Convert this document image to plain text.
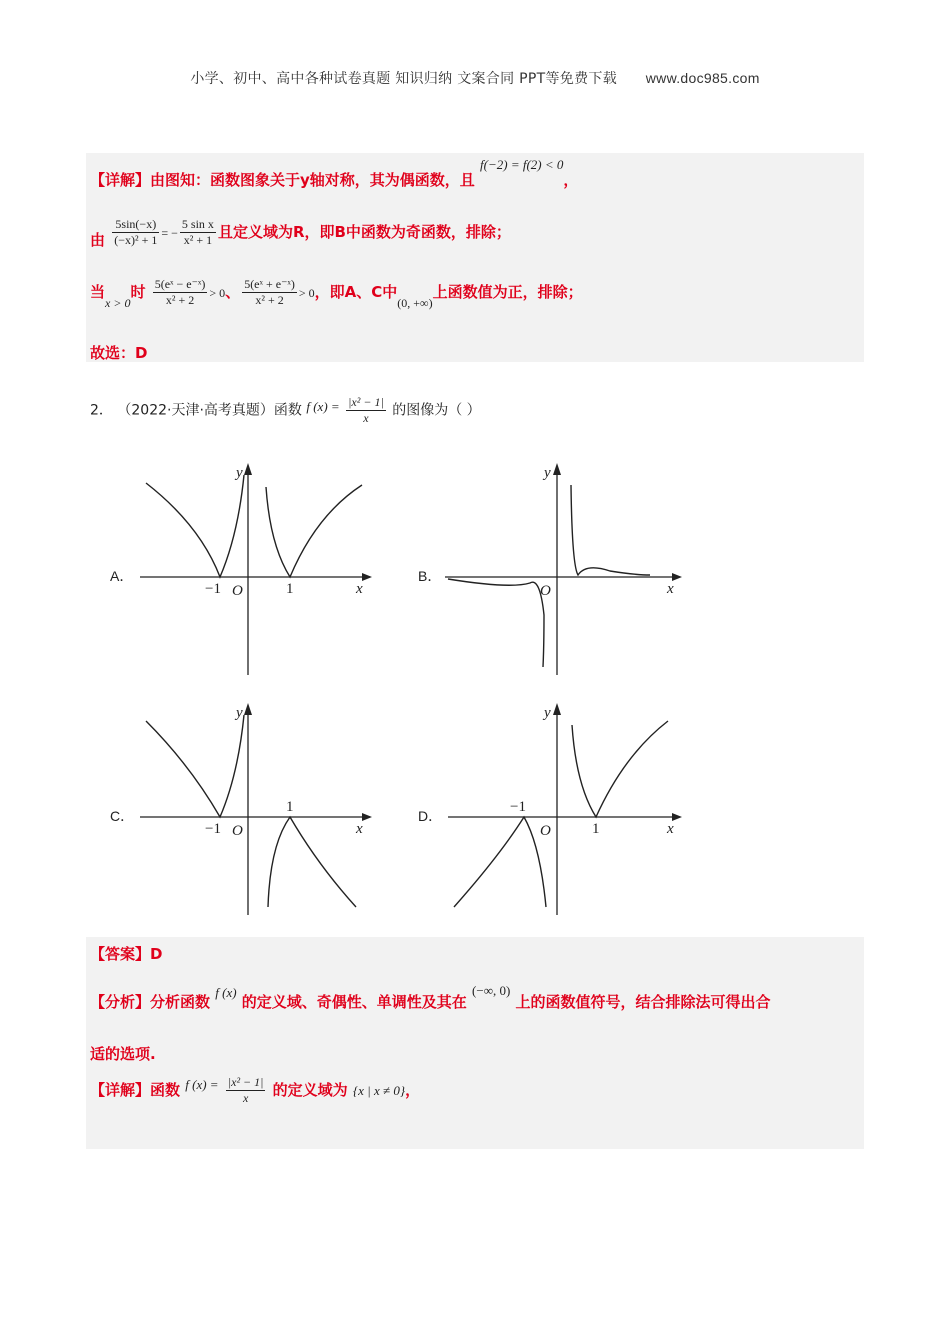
小学、初中、高中各种试卷真题 知识归纳 文案合同 PPT等免费下载 www.doc985.com
【详解】由图知：函数图象关于y轴对称，其为偶函数，且 f(−2) = f(2) < 0，
由 $\frac{5\sin(-x)}{\text{(−x)² + 1}}$ = − $\frac{\text{5 sin x}}{\text{x² + 1}}$ 且定义域为R，即B中函数为奇函数，排除；
当$_{x > 0}$时 $\frac{\text{5(eˣ − e⁻ˣ)}}{\text{x² + 2}} > 0$、 $\frac{\text{5(eˣ + e⁻ˣ)}}{\text{x² + 2}} > 0$，即A、C中$_{(0, +\infty)}$上函数值为正，排除；
故选：D
2． （2022·天津·高考真题）函数 f $(x) = \frac{\text{|x² − 1|}}{x}$ 的图像为（ ）
A．	B．
C．	D．
y
x
O
−1	1
y
x
O
y
x
O
−1
1
y
x
O
−1
1
【答案】D
【分析】分析函数 f (x) 的定义域、奇偶性、单调性及其在 (−∞, 0) 上的函数值符号，结合排除法可得出合
适的选项.
【详解】函数 f $(x) = \frac{\text{|x² − 1|}}{x}$ 的定义域为 {x | x ≠ 0}，
